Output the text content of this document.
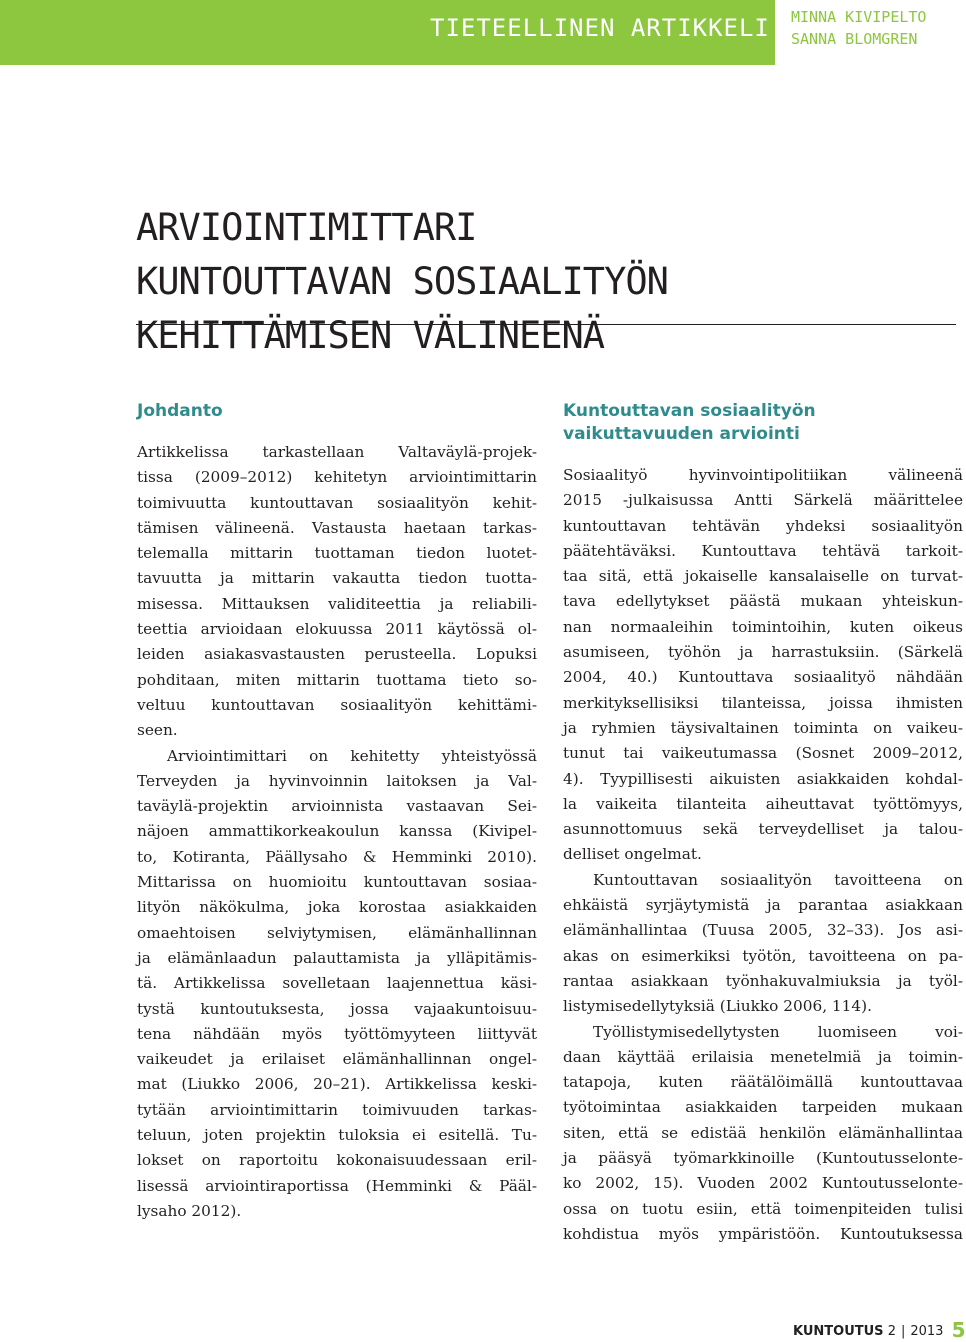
TIETEELLINEN ARTIKKELI MINNA KIVIPELTO
SANNA BLOMGREN
ARVIOINTIMITTARI
KUNTOUTTAVAN SOSIAALITYÖN
KEHITTÄMISEN VÄLINEENÄ
Johdanto
Artikkelissa tarkastellaan Valtaväylä-projek-
tissa (2009–2012) kehitetyn arviointimittarin
toimivuutta kuntouttavan sosiaalityön kehit-
tämisen välineenä. Vastausta haetaan tarkas-
telemalla mittarin tuottaman tiedon luotet-
tavuutta ja mittarin vakautta tiedon tuotta-
misessa. Mittauksen validiteettia ja reliabili-
teettia arvioidaan elokuussa 2011 käytössä ol-
leiden asiakasvastausten perusteella. Lopuksi
pohditaan, miten mittarin tuottama tieto so-
veltuu kuntouttavan sosiaalityön kehittämi-
seen.
Arviointimittari on kehitetty yhteistyössä
Terveyden ja hyvinvoinnin laitoksen ja Val-
taväylä-projektin arvioinnista vastaavan Sei-
näjoen ammattikorkeakoulun kanssa (Kivipel-
to, Kotiranta, Päällysaho & Hemminki 2010).
Mittarissa on huomioitu kuntouttavan sosiaa-
lityön näkökulma, joka korostaa asiakkaiden
omaehtoisen selviytymisen, elämänhallinnan
ja elämänlaadun palauttamista ja ylläpitämis-
tä. Artikkelissa sovelletaan laajennettua käsi-
tystä kuntoutuksesta, jossa vajaakuntoisuu-
tena nähdään myös työttömyyteen liittyvät
vaikeudet ja erilaiset elämänhallinnan ongel-
mat (Liukko 2006, 20–21). Artikkelissa keski-
tytään arviointimittarin toimivuuden tarkas-
teluun, joten projektin tuloksia ei esitellä. Tu-
lokset on raportoitu kokonaisuudessaan eril-
lisessä arviointiraportissa (Hemminki & Pääl-
lysaho 2012).
Kuntouttavan sosiaalityön
vaikuttavuuden arviointi
Sosiaalityö hyvinvointipolitiikan välineenä
2015 -julkaisussa Antti Särkelä määrittelee
kuntouttavan tehtävän yhdeksi sosiaalityön
päätehtäväksi. Kuntouttava tehtävä tarkoit-
taa sitä, että jokaiselle kansalaiselle on turvat-
tava edellytykset päästä mukaan yhteiskun-
nan normaaleihin toimintoihin, kuten oikeus
asumiseen, työhön ja harrastuksiin. (Särkelä
2004, 40.) Kuntouttava sosiaalityö nähdään
merkityksellisiksi tilanteissa, joissa ihmisten
ja ryhmien täysivaltainen toiminta on vaikeu-
tunut tai vaikeutumassa (Sosnet 2009–2012,
4). Tyypillisesti aikuisten asiakkaiden kohdal-
la vaikeita tilanteita aiheuttavat työttömyys,
asunnottomuus sekä terveydelliset ja talou-
delliset ongelmat.
Kuntouttavan sosiaalityön tavoitteena on
ehkäistä syrjäytymistä ja parantaa asiakkaan
elämänhallintaa (Tuusa 2005, 32–33). Jos asi-
akas on esimerkiksi työtön, tavoitteena on pa-
rantaa asiakkaan työnhakuvalmiuksia ja työl-
listymisedellytyksiä (Liukko 2006, 114).
Työllistymisedellytysten luomiseen voi-
daan käyttää erilaisia menetelmiä ja toimin-
tatapoja, kuten räätälöimällä kuntouttavaa
työtoimintaa asiakkaiden tarpeiden mukaan
siten, että se edistää henkilön elämänhallintaa
ja pääsyä työmarkkinoille (Kuntoutusselonte-
ko 2002, 15). Vuoden 2002 Kuntoutusselonte-
ossa on tuotu esiin, että toimenpiteiden tulisi
kohdistua myös ympäristöön. Kuntoutuksessa
KUNTOUTUS 2 | 2013 5
